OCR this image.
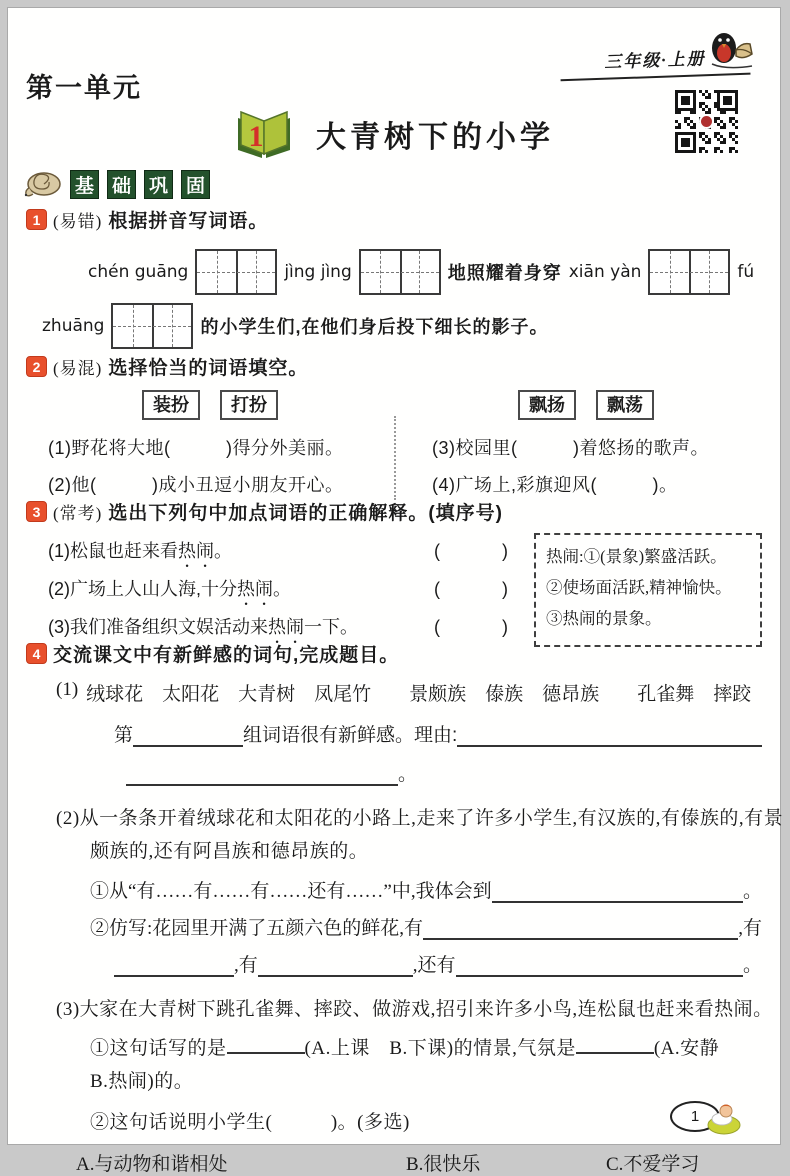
三年级·上册
第一单元
1 大青树下的小学
基 础 巩 固
1 (易错) 根据拼音写词语。
chén guāng	jìng jìng	地照耀着身穿 xiān yàn	fú
zhuāng	的小学生们,在他们身后投下细长的影子。
2 (易混) 选择恰当的词语填空。
装扮	打扮
(1)野花将大地(　　　)得分外美丽。
(2)他(　　　)成小丑逗小朋友开心。
飘扬	飘荡
(3)校园里(　　　)着悠扬的歌声。
(4)广场上,彩旗迎风(　　　)。
3 (常考) 选出下列句中加点词语的正确解释。(填序号)
(1)松鼠也赶来看热闹。	(　　　)
(2)广场上人山人海,十分热闹。	(　　　)
(3)我们准备组织文娱活动来热闹一下。	(　　　)
热闹:①(景象)繁盛活跃。
②使场面活跃,精神愉快。
③热闹的景象。
4 交流课文中有新鲜感的词句,完成题目。
(1) 绒球花　太阳花　大青树　凤尾竹 景颇族　傣族　德昂族 孔雀舞　摔跤
第	组词语很有新鲜感。理由:
。
(2)从一条条开着绒球花和太阳花的小路上,走来了许多小学生,有汉族的,有傣族的,有景颇族的,还有阿昌族和德昂族的。
①从“有……有……有……还有……”中,我体会到	。
②仿写:花园里开满了五颜六色的鲜花,有	,有
,有	,还有	。
(3)大家在大青树下跳孔雀舞、摔跤、做游戏,招引来许多小鸟,连松鼠也赶来看热闹。
①这句话写的是	(A.上课　B.下课)的情景,气氛是	(A.安静　B.热闹)的。
②这句话说明小学生(　　　)。(多选)
A.与动物和谐相处	B.很快乐	C.不爱学习
1
